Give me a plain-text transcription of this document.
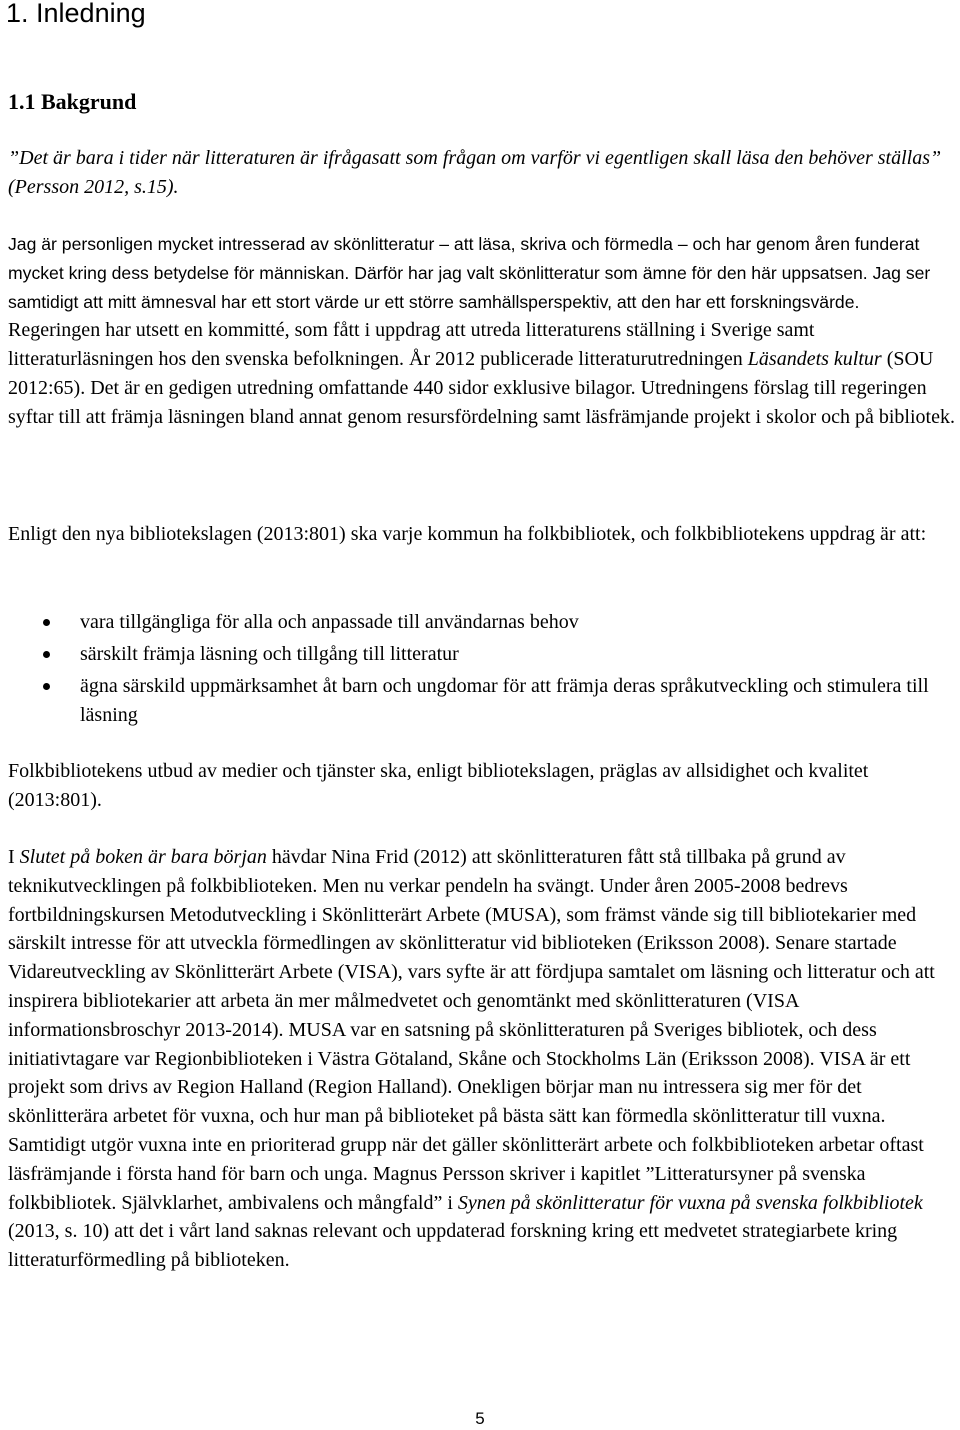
1. Inledning
1.1 Bakgrund

”Det är bara i tider när litteraturen är ifrågasatt som frågan om varför vi egentligen skall läsa den behöver ställas” (Persson 2012, s.15).

Jag är personligen mycket intresserad av skönlitteratur – att läsa, skriva och förmedla – och har genom åren funderat mycket kring dess betydelse för människan. Därför har jag valt skönlitteratur som ämne för den här uppsatsen. Jag ser samtidigt att mitt ämnesval har ett stort värde ur ett större samhällsperspektiv, att den har ett forskningsvärde. Regeringen har utsett en kommitté, som fått i uppdrag att utreda litteraturens ställning i Sverige samt litteraturläsningen hos den svenska befolkningen. År 2012 publicerade litteraturutredningen Läsandets kultur (SOU 2012:65). Det är en gedigen utredning omfattande 440 sidor exklusive bilagor. Utredningens förslag till regeringen syftar till att främja läsningen bland annat genom resursfördelning samt läsfrämjande projekt i skolor och på bibliotek.

Enligt den nya bibliotekslagen (2013:801) ska varje kommun ha folkbibliotek, och folkbibliotekens uppdrag är att:

vara tillgängliga för alla och anpassade till användarnas behov

särskilt främja läsning och tillgång till litteratur

ägna särskild uppmärksamhet åt barn och ungdomar för att främja deras språkutveckling och stimulera till läsning

Folkbibliotekens utbud av medier och tjänster ska, enligt bibliotekslagen, präglas av allsidighet och kvalitet (2013:801).

I Slutet på boken är bara början hävdar Nina Frid (2012) att skönlitteraturen fått stå tillbaka på grund av teknikutvecklingen på folkbiblioteken. Men nu verkar pendeln ha svängt. Under åren 2005-2008 bedrevs fortbildningskursen Metodutveckling i Skönlitterärt Arbete (MUSA), som främst vände sig till bibliotekarier med särskilt intresse för att utveckla förmedlingen av skönlitteratur vid biblioteken (Eriksson 2008). Senare startade Vidareutveckling av Skönlitterärt Arbete (VISA), vars syfte är att fördjupa samtalet om läsning och litteratur och att inspirera bibliotekarier att arbeta än mer målmedvetet och genomtänkt med skönlitteraturen (VISA informationsbroschyr 2013-2014). MUSA var en satsning på skönlitteraturen på Sveriges bibliotek, och dess initiativtagare var Regionbiblioteken i Västra Götaland, Skåne och Stockholms Län (Eriksson 2008). VISA är ett projekt som drivs av Region Halland (Region Halland). Onekligen börjar man nu intressera sig mer för det skönlitterära arbetet för vuxna, och hur man på biblioteket på bästa sätt kan förmedla skönlitteratur till vuxna. Samtidigt utgör vuxna inte en prioriterad grupp när det gäller skönlitterärt arbete och folkbiblioteken arbetar oftast läsfrämjande i första hand för barn och unga. Magnus Persson skriver i kapitlet ”Litteratursyner på svenska folkbibliotek. Självklarhet, ambivalens och mångfald” i Synen på skönlitteratur för vuxna på svenska folkbibliotek (2013, s. 10) att det i vårt land saknas relevant och uppdaterad forskning kring ett medvetet strategiarbete kring litteraturförmedling på biblioteken.

5
